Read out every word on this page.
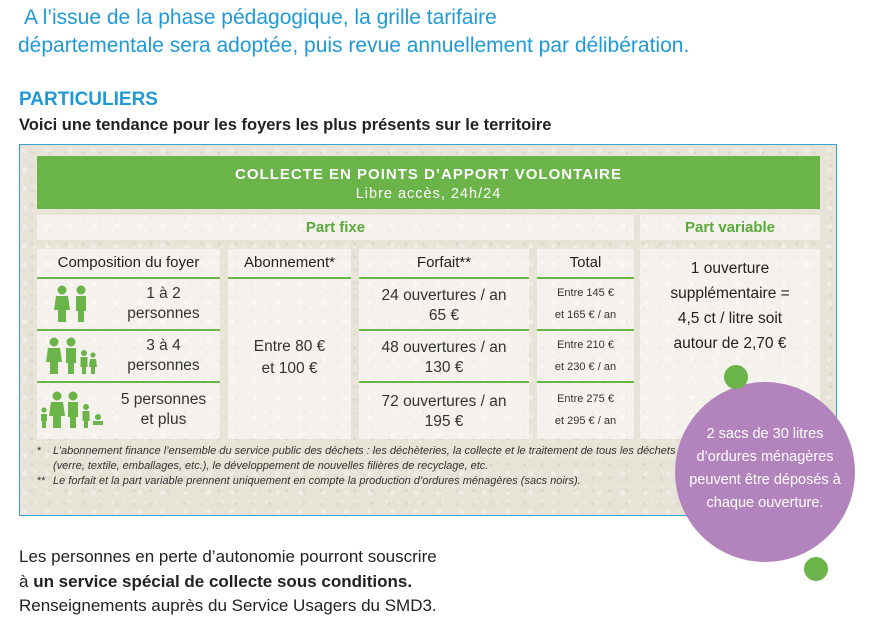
A l’issue de la phase pédagogique, la grille tarifaire
départementale sera adoptée, puis revue annuellement par délibération.
PARTICULIERS
Voici une tendance pour les foyers les plus présents sur le territoire
COLLECTE EN POINTS D’APPORT VOLONTAIRE
Libre accès, 24h/24
Part fixe	Part variable
Composition du foyer
1 à 2
personnes
3 à 4
personnes
5 personnes
et plus
Abonnement*
Entre 80 €
et 100 €
Forfait**
24 ouvertures / an
65 €
48 ouvertures / an
130 €
72 ouvertures / an
195 €
Total
Entre 145 €
et 165 € / an
Entre 210 €
et 230 € / an
Entre 275 €
et 295 € / an
1 ouverture
supplémentaire =
4,5 ct / litre soit
autour de 2,70 €
* L’abonnement finance l’ensemble du service public des déchets : les déchèteries, la collecte et le traitement de tous les déchets (verre, textile, emballages, etc.), le développement de nouvelles filières de recyclage, etc.
** Le forfait et la part variable prennent uniquement en compte la production d’ordures ménagères (sacs noirs).
2 sacs de 30 litres
d’ordures ménagères
peuvent être déposés à
chaque ouverture.
Les personnes en perte d’autonomie pourront souscrire
à un service spécial de collecte sous conditions.
Renseignements auprès du Service Usagers du SMD3.
